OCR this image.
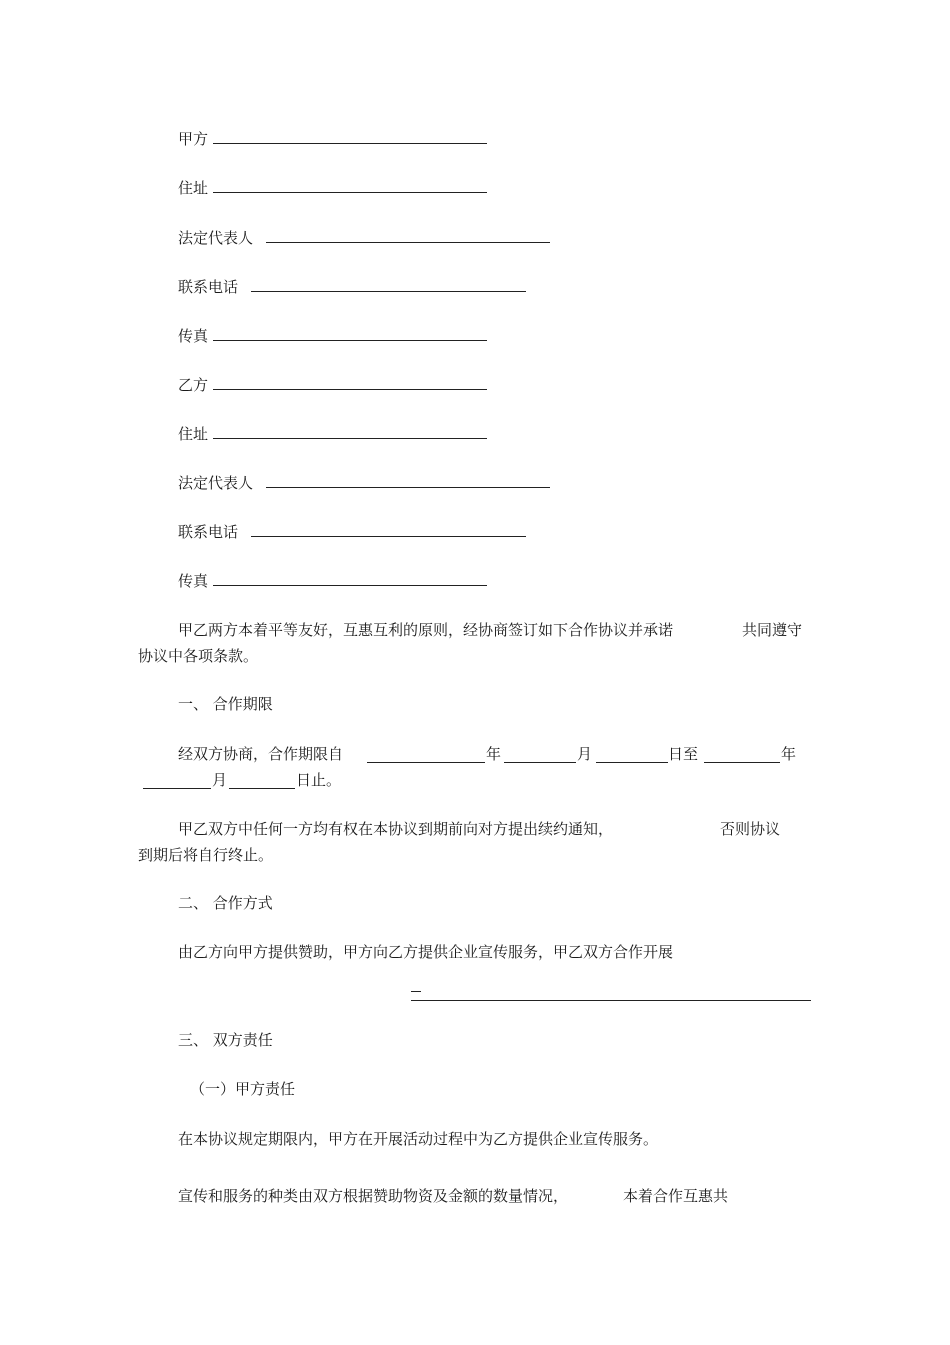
甲方
住址
法定代表人
联系电话
传真
乙方
住址
法定代表人
联系电话
传真
甲乙两方本着平等友好，互惠互利的原则，经协商签订如下合作协议并承诺	共同遵守
协议中各项条款。
一、 合作期限
经双方协商，合作期限自	年	月	日至	年
月	日止。
甲乙双方中任何一方均有权在本协议到期前向对方提出续约通知，	否则协议
到期后将自行终止。
二、 合作方式
由乙方向甲方提供赞助，甲方向乙方提供企业宣传服务，甲乙双方合作开展
三、 双方责任
（一）甲方责任
在本协议规定期限内，甲方在开展活动过程中为乙方提供企业宣传服务。
宣传和服务的种类由双方根据赞助物资及金额的数量情况，	本着合作互惠共
